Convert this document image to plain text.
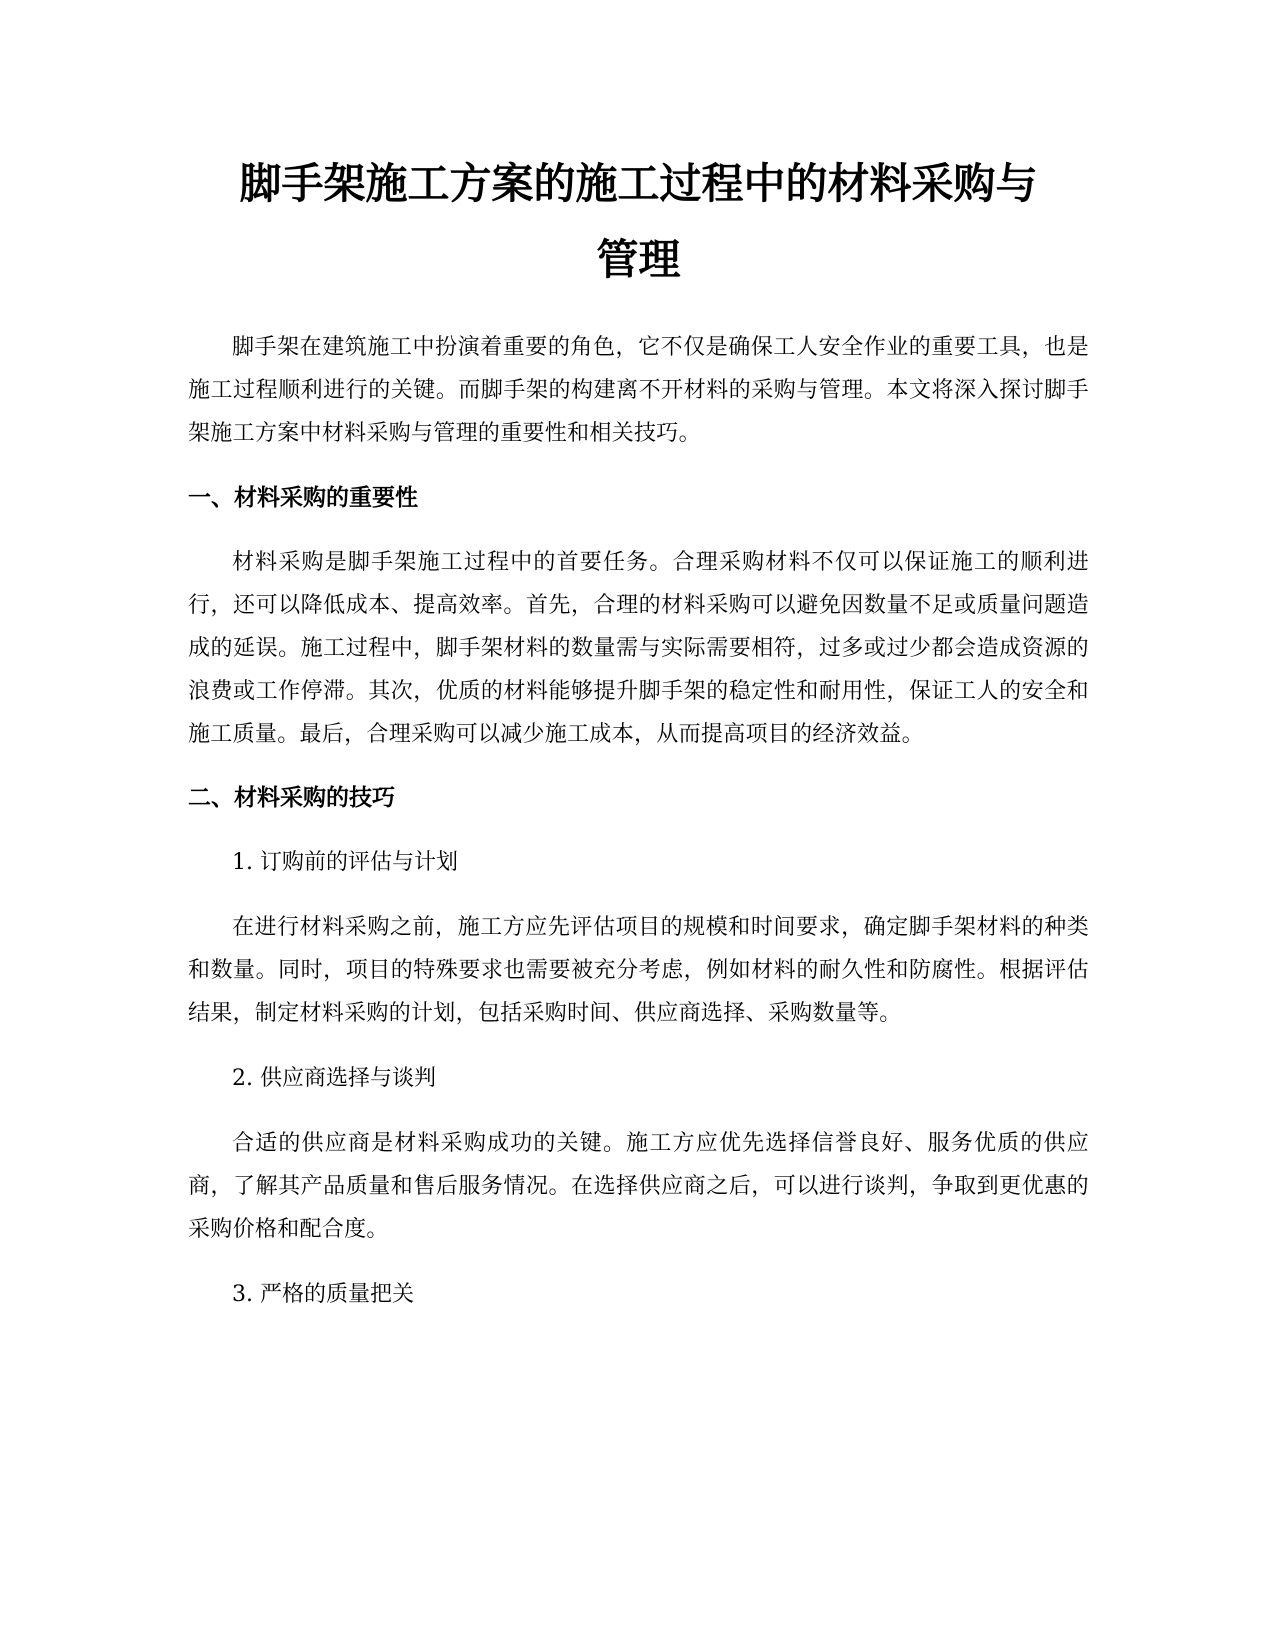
脚手架施工方案的施工过程中的材料采购与
管理

脚手架在建筑施工中扮演着重要的角色，它不仅是确保工人安全作业的重要工具，也是施工过程顺利进行的关键。而脚手架的构建离不开材料的采购与管理。本文将深入探讨脚手架施工方案中材料采购与管理的重要性和相关技巧。

一、材料采购的重要性

材料采购是脚手架施工过程中的首要任务。合理采购材料不仅可以保证施工的顺利进行，还可以降低成本、提高效率。首先，合理的材料采购可以避免因数量不足或质量问题造成的延误。施工过程中，脚手架材料的数量需与实际需要相符，过多或过少都会造成资源的浪费或工作停滞。其次，优质的材料能够提升脚手架的稳定性和耐用性，保证工人的安全和施工质量。最后，合理采购可以减少施工成本，从而提高项目的经济效益。

二、材料采购的技巧

1. 订购前的评估与计划

在进行材料采购之前，施工方应先评估项目的规模和时间要求，确定脚手架材料的种类和数量。同时，项目的特殊要求也需要被充分考虑，例如材料的耐久性和防腐性。根据评估结果，制定材料采购的计划，包括采购时间、供应商选择、采购数量等。

2. 供应商选择与谈判

合适的供应商是材料采购成功的关键。施工方应优先选择信誉良好、服务优质的供应商，了解其产品质量和售后服务情况。在选择供应商之后，可以进行谈判，争取到更优惠的采购价格和配合度。

3. 严格的质量把关
